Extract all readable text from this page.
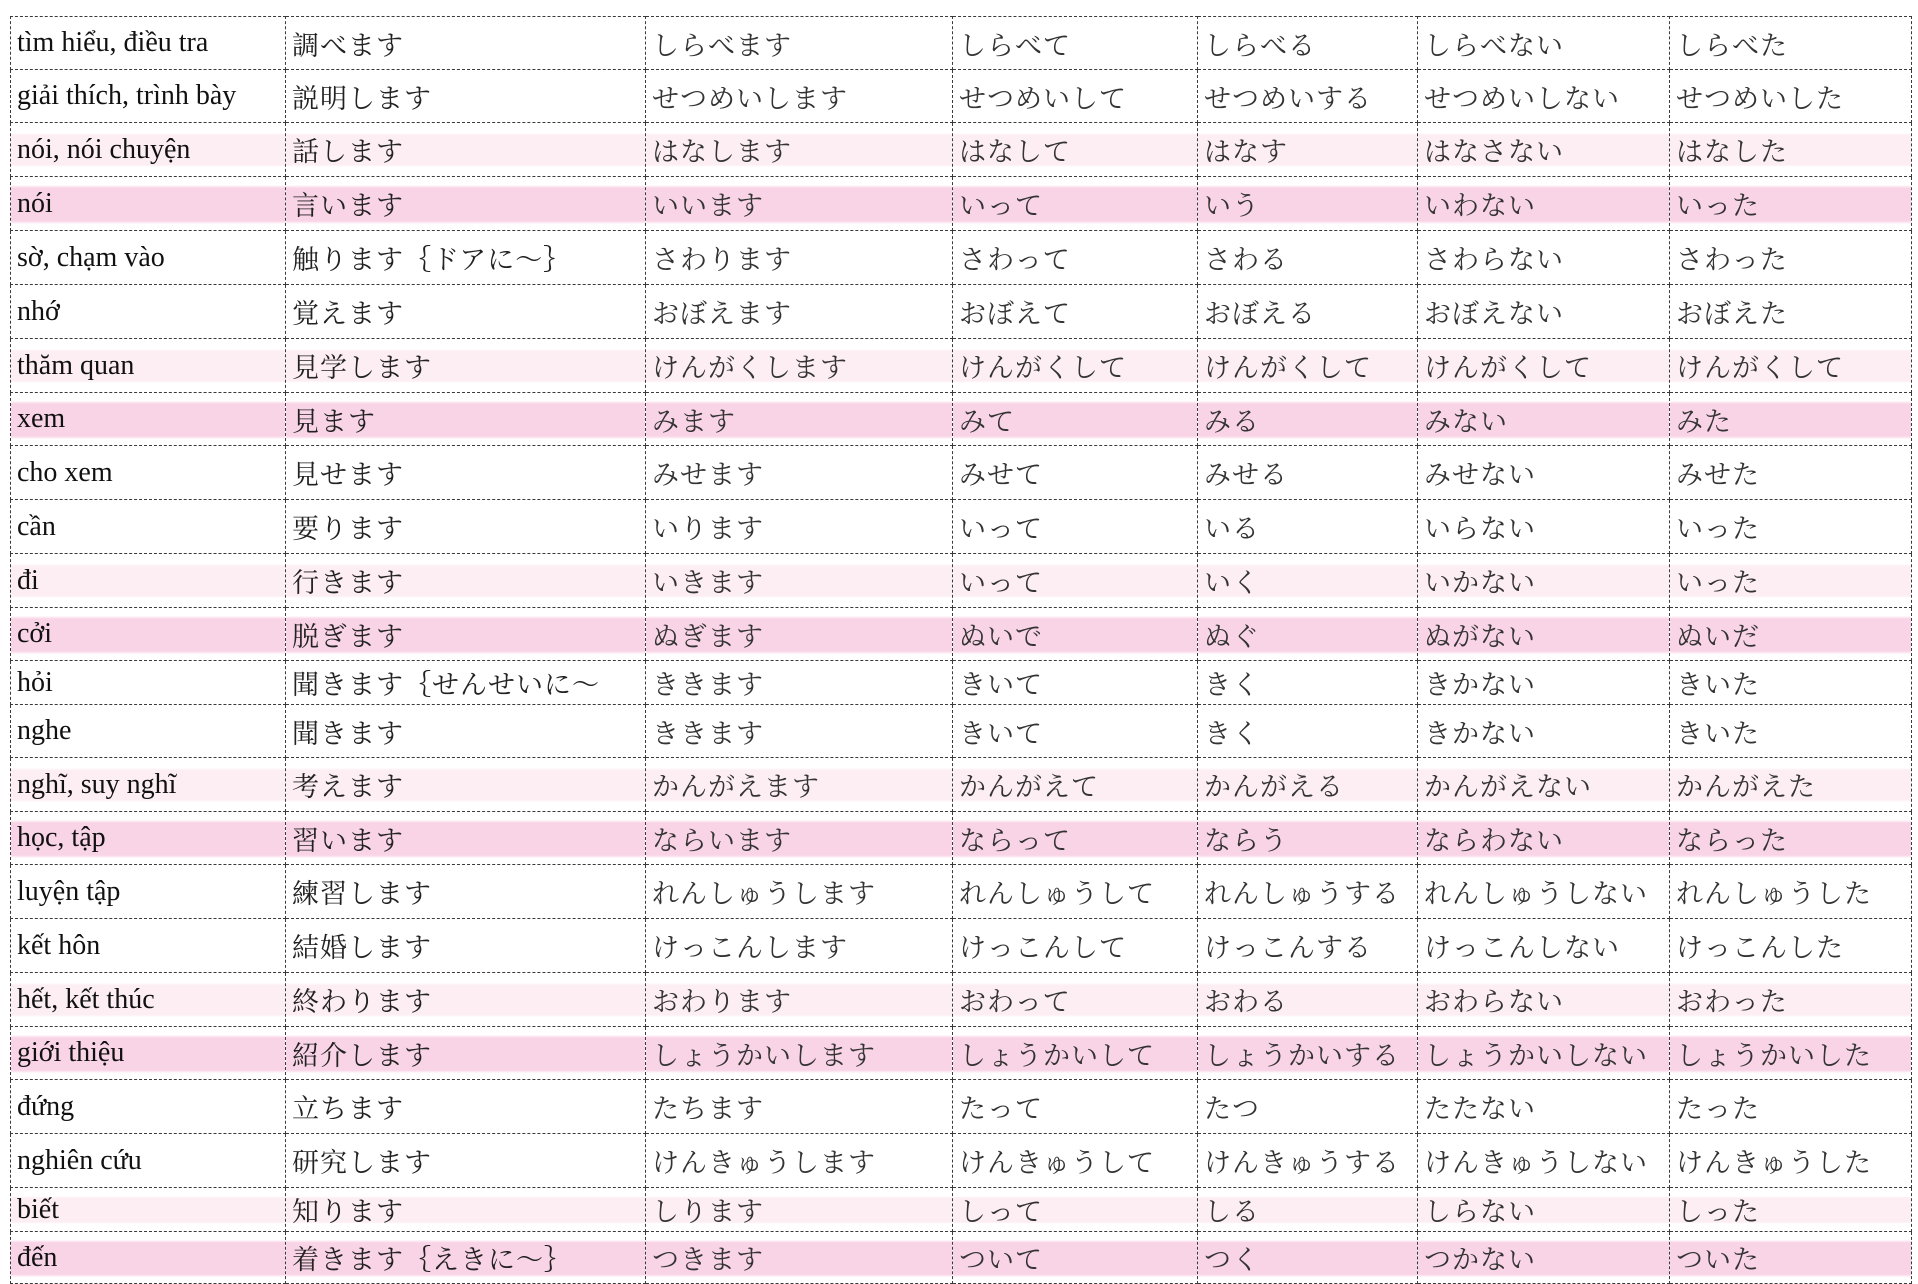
tìm hiểu, điều tra	調べます	しらべます	しらべて	しらべる	しらべない	しらべた
giải thích, trình bày	説明します	せつめいします	せつめいして	せつめいする	せつめいしない	せつめいした
nói, nói chuyện	話します	はなします	はなして	はなす	はなさない	はなした
nói	言います	いいます	いって	いう	いわない	いった
sờ, chạm vào	触ります｛ドアに～｝	さわります	さわって	さわる	さわらない	さわった
nhớ	覚えます	おぼえます	おぼえて	おぼえる	おぼえない	おぼえた
thăm quan	見学します	けんがくします	けんがくして	けんがくして	けんがくして	けんがくして
xem	見ます	みます	みて	みる	みない	みた
cho xem	見せます	みせます	みせて	みせる	みせない	みせた
cần	要ります	いります	いって	いる	いらない	いった
đi	行きます	いきます	いって	いく	いかない	いった
cởi	脱ぎます	ぬぎます	ぬいで	ぬぐ	ぬがない	ぬいだ
hỏi	聞きます｛せんせいに～	ききます	きいて	きく	きかない	きいた
nghe	聞きます	ききます	きいて	きく	きかない	きいた
nghĩ, suy nghĩ	考えます	かんがえます	かんがえて	かんがえる	かんがえない	かんがえた
học, tập	習います	ならいます	ならって	ならう	ならわない	ならった
luyện tập	練習します	れんしゅうします	れんしゅうして	れんしゅうする	れんしゅうしない	れんしゅうした
kết hôn	結婚します	けっこんします	けっこんして	けっこんする	けっこんしない	けっこんした
hết, kết thúc	終わります	おわります	おわって	おわる	おわらない	おわった
giới thiệu	紹介します	しょうかいします	しょうかいして	しょうかいする	しょうかいしない	しょうかいした
đứng	立ちます	たちます	たって	たつ	たたない	たった
nghiên cứu	研究します	けんきゅうします	けんきゅうして	けんきゅうする	けんきゅうしない	けんきゅうした
biết	知ります	しります	しって	しる	しらない	しった
đến	着きます｛えきに～｝	つきます	ついて	つく	つかない	ついた
